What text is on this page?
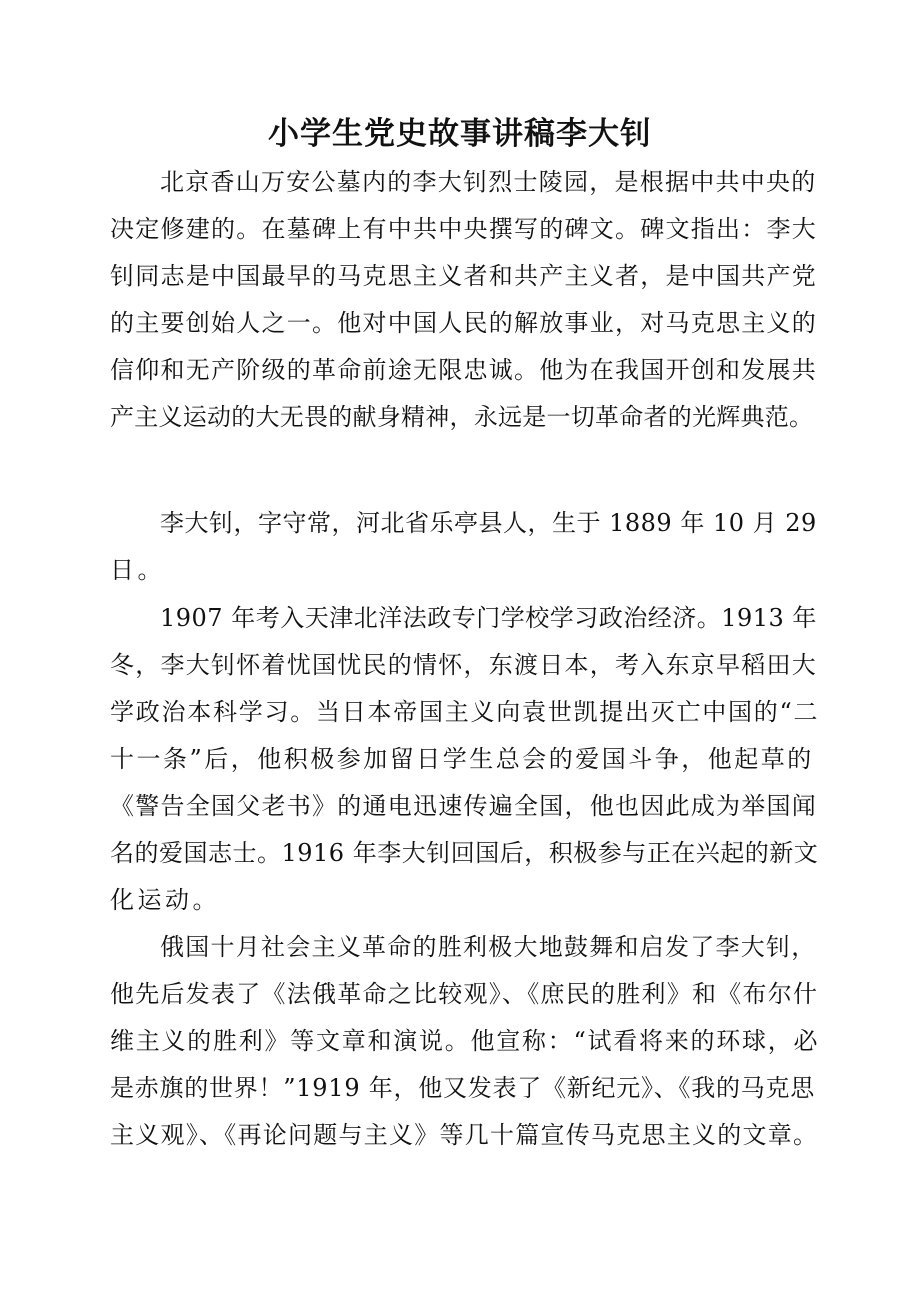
小学生党史故事讲稿李大钊
北京香山万安公墓内的李大钊烈士陵园，是根据中共中央的
决定修建的。在墓碑上有中共中央撰写的碑文。碑文指出：李大
钊同志是中国最早的马克思主义者和共产主义者，是中国共产党
的主要创始人之一。他对中国人民的解放事业，对马克思主义的
信仰和无产阶级的革命前途无限忠诚。他为在我国开创和发展共
产主义运动的大无畏的献身精神，永远是一切革命者的光辉典范。
李大钊，字守常，河北省乐亭县人，生于 1889 年 10 月 29
日。
1907 年考入天津北洋法政专门学校学习政治经济。1913 年
冬，李大钊怀着忧国忧民的情怀，东渡日本，考入东京早稻田大
学政治本科学习。当日本帝国主义向袁世凯提出灭亡中国的“二
十一条”后，他积极参加留日学生总会的爱国斗争，他起草的
《警告全国父老书》的通电迅速传遍全国，他也因此成为举国闻
名的爱国志士。1916 年李大钊回国后，积极参与正在兴起的新文
化运动。
俄国十月社会主义革命的胜利极大地鼓舞和启发了李大钊，
他先后发表了《法俄革命之比较观》、《庶民的胜利》和《布尔什
维主义的胜利》等文章和演说。他宣称：“试看将来的环球，必
是赤旗的世界！”1919 年，他又发表了《新纪元》、《我的马克思
主义观》、《再论问题与主义》等几十篇宣传马克思主义的文章。
